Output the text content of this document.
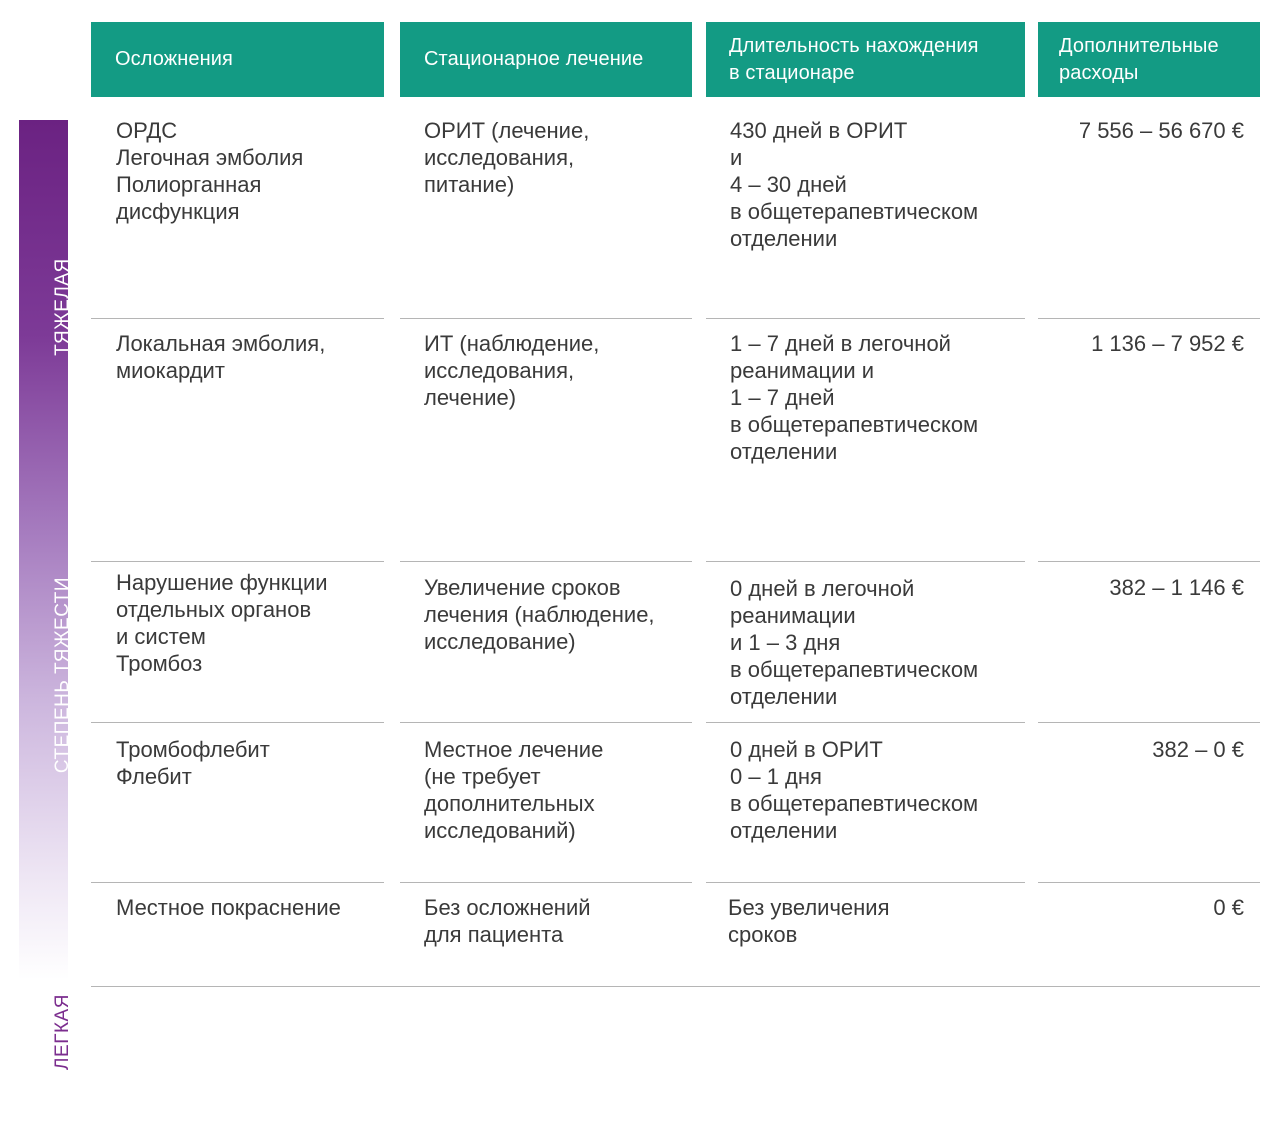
Осложнения	Стационарное лечение
Длительность нахождения
в стационаре
Дополнительные
расходы
ТЯЖЕЛАЯ
СТЕПЕНЬ ТЯЖЕСТИ
ЛЕГКАЯ
ОРДС
Легочная эмболия
Полиорганная
дисфункция
ОРИТ (лечение,
исследования,
питание)
430 дней в ОРИТ
и
4 – 30 дней
в общетерапевтическом
отделении
7 556 – 56 670 €
Локальная эмболия,
миокардит
ИТ (наблюдение,
исследования,
лечение)
1 – 7 дней в легочной
реанимации и
1 – 7 дней
в общетерапевтическом
отделении
1 136 – 7 952 €
Нарушение функции
отдельных органов
и систем
Тромбоз
Увеличение сроков
лечения (наблюдение,
исследование)
0 дней в легочной
реанимации
и 1 – 3 дня
в общетерапевтическом
отделении
382 – 1 146 €
Тромбофлебит
Флебит
Местное лечение
(не требует
дополнительных
исследований)
0 дней в ОРИТ
0 – 1 дня
в общетерапевтическом
отделении
382 – 0 €
Местное покраснение	Без осложнений
для пациента
Без увеличения
сроков
0 €
